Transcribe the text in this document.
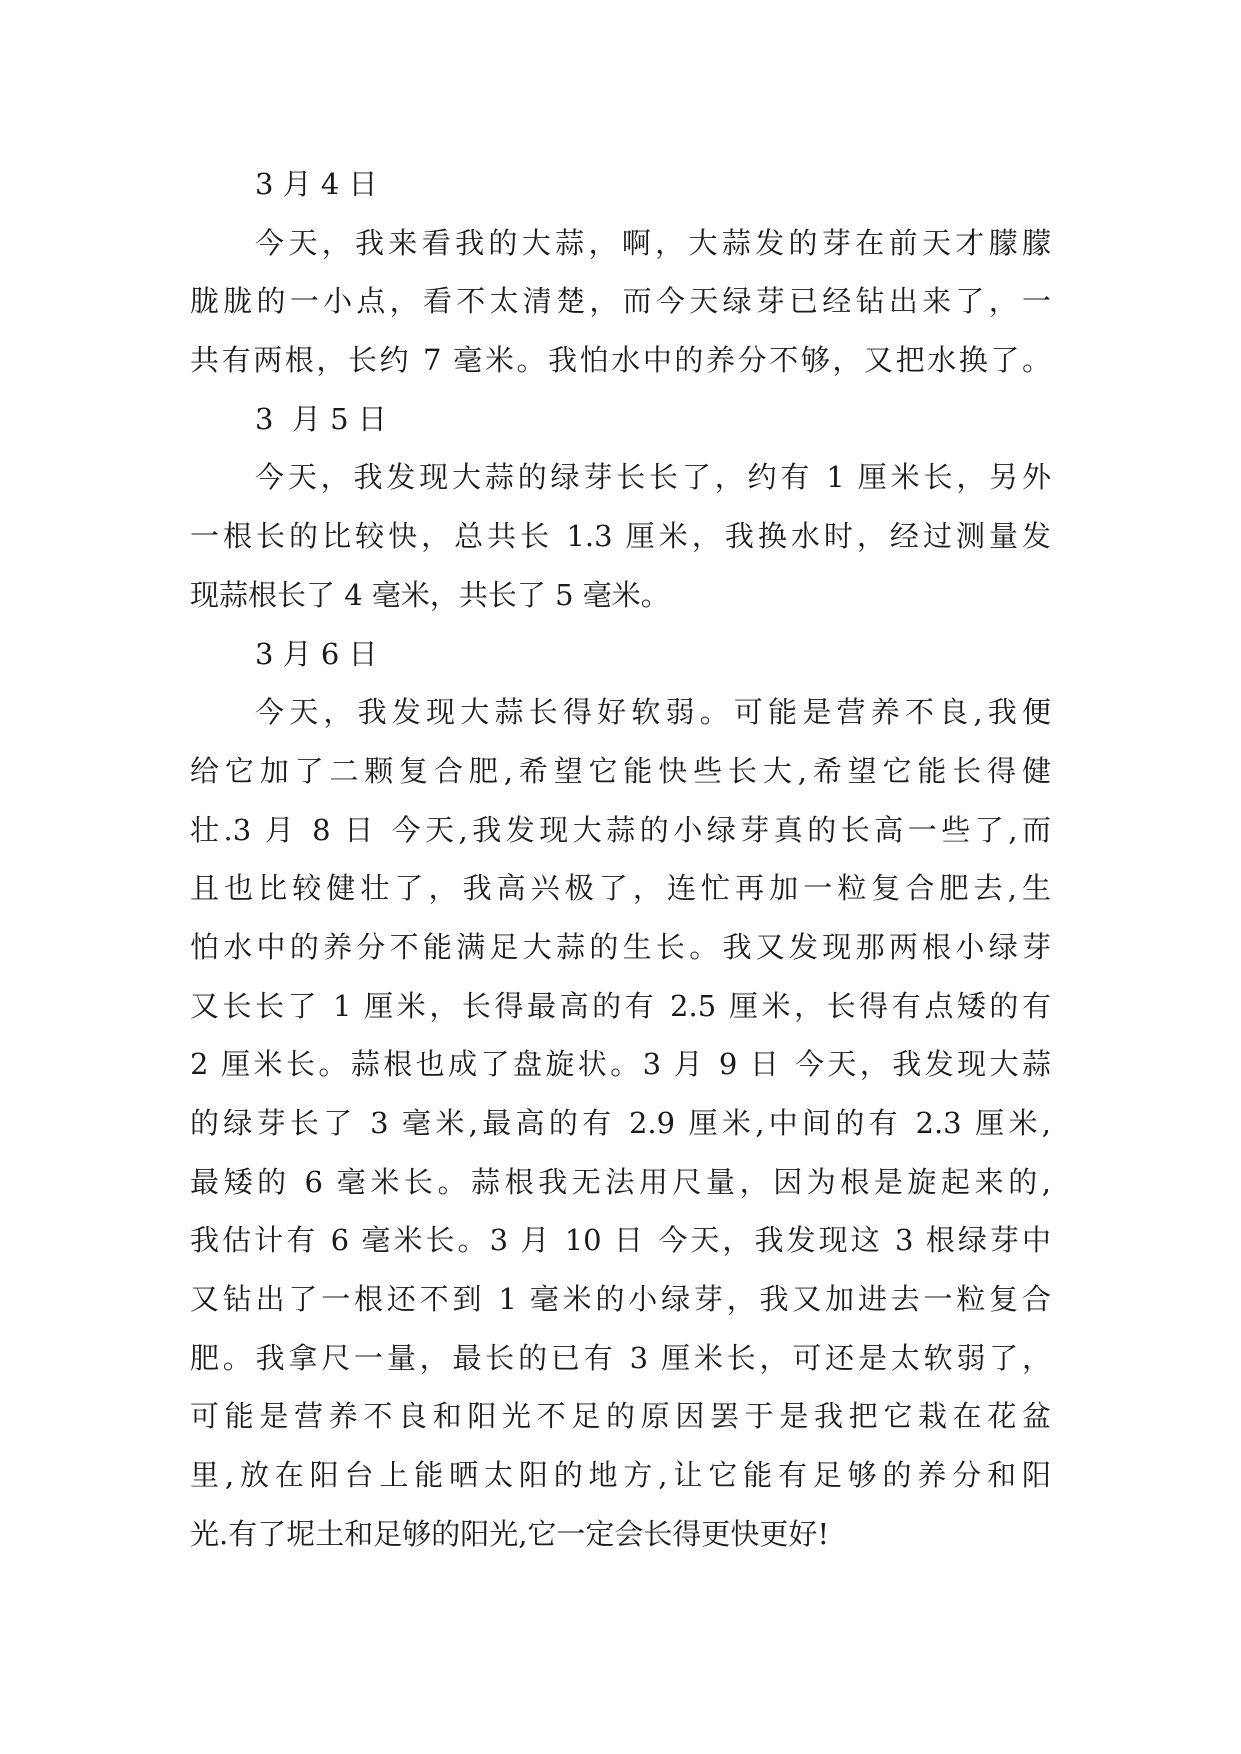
3 月 4 日
今天，我来看我的大蒜，啊，大蒜发的芽在前天才朦朦
胧胧的一小点，看不太清楚，而今天绿芽已经钻出来了，一
共有两根，长约 7 毫米。我怕水中的养分不够，又把水换了。
3  月 5 日
今天，我发现大蒜的绿芽长长了，约有 1 厘米长，另外
一根长的比较快，总共长 1.3 厘米，我换水时，经过测量发
现蒜根长了 4 毫米，共长了 5 毫米。
3 月 6 日
今天，我发现大蒜长得好软弱。可能是营养不良,我便
给它加了二颗复合肥,希望它能快些长大,希望它能长得健
壮.3 月 8 日 今天,我发现大蒜的小绿芽真的长高一些了,而
且也比较健壮了，我高兴极了，连忙再加一粒复合肥去,生
怕水中的养分不能满足大蒜的生长。我又发现那两根小绿芽
又长长了 1 厘米，长得最高的有 2.5 厘米，长得有点矮的有
2 厘米长。蒜根也成了盘旋状。3 月 9 日 今天，我发现大蒜
的绿芽长了 3 毫米,最高的有 2.9 厘米,中间的有 2.3 厘米,
最矮的 6 毫米长。蒜根我无法用尺量，因为根是旋起来的,
我估计有 6 毫米长。3 月 10 日 今天，我发现这 3 根绿芽中
又钻出了一根还不到 1 毫米的小绿芽，我又加进去一粒复合
肥。我拿尺一量，最长的已有 3 厘米长，可还是太软弱了，
可能是营养不良和阳光不足的原因罢于是我把它栽在花盆
里,放在阳台上能晒太阳的地方,让它能有足够的养分和阳
光.有了坭土和足够的阳光,它一定会长得更快更好!
